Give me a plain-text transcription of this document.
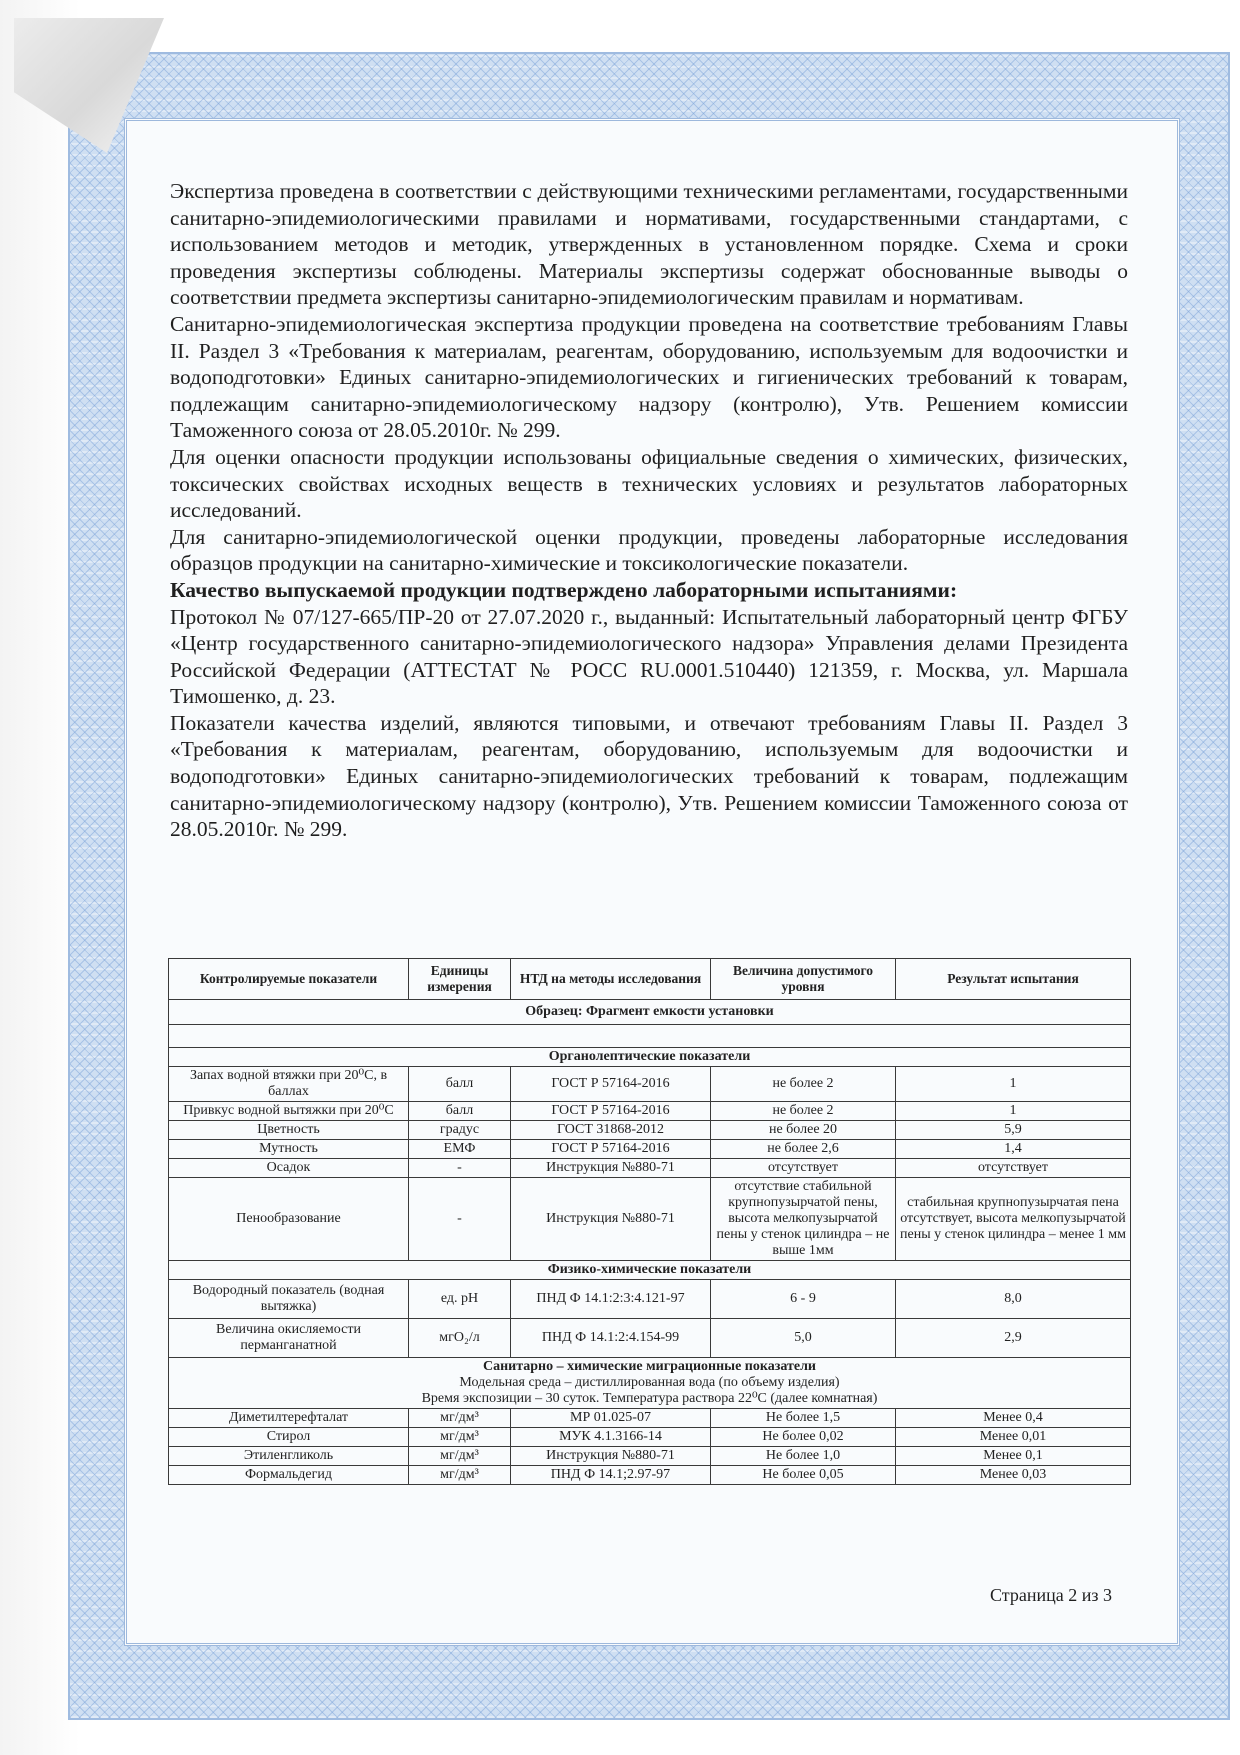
Экспертиза проведена в соответствии с действующими техническими регламентами, государственными санитарно-эпидемиологическими правилами и нормативами, государственными стандартами, с использованием методов и методик, утвержденных в установленном порядке. Схема и сроки проведения экспертизы соблюдены. Материалы экспертизы содержат обоснованные выводы о соответствии предмета экспертизы санитарно-эпидемиологическим правилам и нормативам.

Санитарно-эпидемиологическая экспертиза продукции проведена на соответствие требованиям Главы II. Раздел 3 «Требования к материалам, реагентам, оборудованию, используемым для водоочистки и водоподготовки» Единых санитарно-эпидемиологических и гигиенических требований к товарам, подлежащим санитарно-эпидемиологическому надзору (контролю), Утв. Решением комиссии Таможенного союза от 28.05.2010г. № 299.

Для оценки опасности продукции использованы официальные сведения о химических, физических, токсических свойствах исходных веществ в технических условиях и результатов лабораторных исследований.

Для санитарно-эпидемиологической оценки продукции, проведены лабораторные исследования образцов продукции на санитарно-химические и токсикологические показатели.

Качество выпускаемой продукции подтверждено лабораторными испытаниями:

Протокол № 07/127-665/ПР-20 от 27.07.2020 г., выданный: Испытательный лабораторный центр ФГБУ «Центр государственного санитарно-эпидемиологического надзора» Управления делами Президента Российской Федерации (АТТЕСТАТ № РОСС RU.0001.510440) 121359, г. Москва, ул. Маршала Тимошенко, д. 23.

Показатели качества изделий, являются типовыми, и отвечают требованиям Главы II. Раздел 3 «Требования к материалам, реагентам, оборудованию, используемым для водоочистки и водоподготовки» Единых санитарно-эпидемиологических требований к товарам, подлежащим санитарно-эпидемиологическому надзору (контролю), Утв. Решением комиссии Таможенного союза от 28.05.2010г. № 299.

Контролируемые показатели	Единицы измерения	НТД на методы исследования	Величина допустимого уровня	Результат испытания
Образец: Фрагмент емкости установки				

Органолептические показатели				
Запах водной втяжки при 20⁰С, в баллах	балл	ГОСТ Р 57164-2016	не более 2	1
Привкус водной вытяжки при 20⁰С	балл	ГОСТ Р 57164-2016	не более 2	1
Цветность	градус	ГОСТ 31868-2012	не более 20	5,9
Мутность	ЕМФ	ГОСТ Р 57164-2016	не более 2,6	1,4
Осадок	-	Инструкция №880-71	отсутствует	отсутствует
Пенообразование	-	Инструкция №880-71	отсутствие стабильной крупнопузырчатой пены, высота мелкопузырчатой пены у стенок цилиндра – не выше 1мм	стабильная крупнопузырчатая пена отсутствует, высота мелкопузырчатой пены у стенок цилиндра – менее 1 мм
Физико-химические показатели				
Водородный показатель (водная вытяжка)	ед. pH	ПНД Ф 14.1:2:3:4.121-97	6 - 9	8,0
Величина окисляемости перманганатной	мгО₂/л	ПНД Ф 14.1:2:4.154-99	5,0	2,9

Санитарно – химические миграционные показатели
Модельная среда – дистиллированная вода (по объему изделия)
Время экспозиции – 30 суток. Температура раствора 22⁰С (далее комнатная)				

Диметилтерефталат	мг/дм³	МР 01.025-07	Не более 1,5	Менее 0,4
Стирол	мг/дм³	МУК 4.1.3166-14	Не более 0,02	Менее 0,01
Этиленгликоль	мг/дм³	Инструкция №880-71	Не более 1,0	Менее 0,1
Формальдегид	мг/дм³	ПНД Ф 14.1;2.97-97	Не более 0,05	Менее 0,03
Страница 2 из 3
